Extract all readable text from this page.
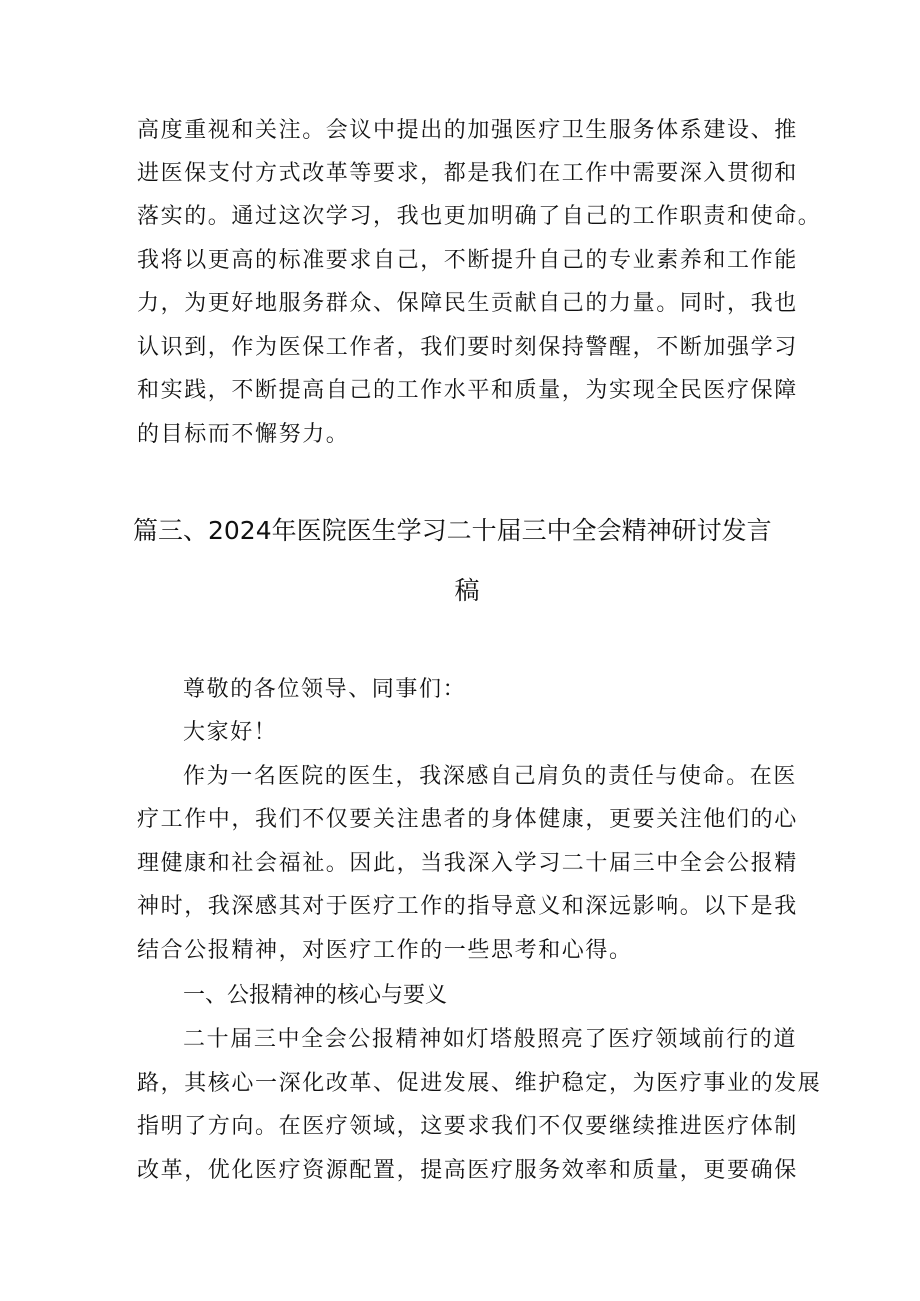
高度重视和关注。会议中提出的加强医疗卫生服务体系建设、推
进医保支付方式改革等要求，都是我们在工作中需要深入贯彻和
落实的。通过这次学习，我也更加明确了自己的工作职责和使命。
我将以更高的标准要求自己，不断提升自己的专业素养和工作能
力，为更好地服务群众、保障民生贡献自己的力量。同时，我也
认识到，作为医保工作者，我们要时刻保持警醒，不断加强学习
和实践，不断提高自己的工作水平和质量，为实现全民医疗保障
的目标而不懈努力。
篇三、2024年医院医生学习二十届三中全会精神研讨发言
稿
尊敬的各位领导、同事们：
大家好！
作为一名医院的医生，我深感自己肩负的责任与使命。在医
疗工作中，我们不仅要关注患者的身体健康，更要关注他们的心
理健康和社会福祉。因此，当我深入学习二十届三中全会公报精
神时，我深感其对于医疗工作的指导意义和深远影响。以下是我
结合公报精神，对医疗工作的一些思考和心得。
一、公报精神的核心与要义
二十届三中全会公报精神如灯塔般照亮了医疗领域前行的道
路，其核心一深化改革、促进发展、维护稳定，为医疗事业的发展
指明了方向。在医疗领域，这要求我们不仅要继续推进医疗体制
改革，优化医疗资源配置，提高医疗服务效率和质量，更要确保
